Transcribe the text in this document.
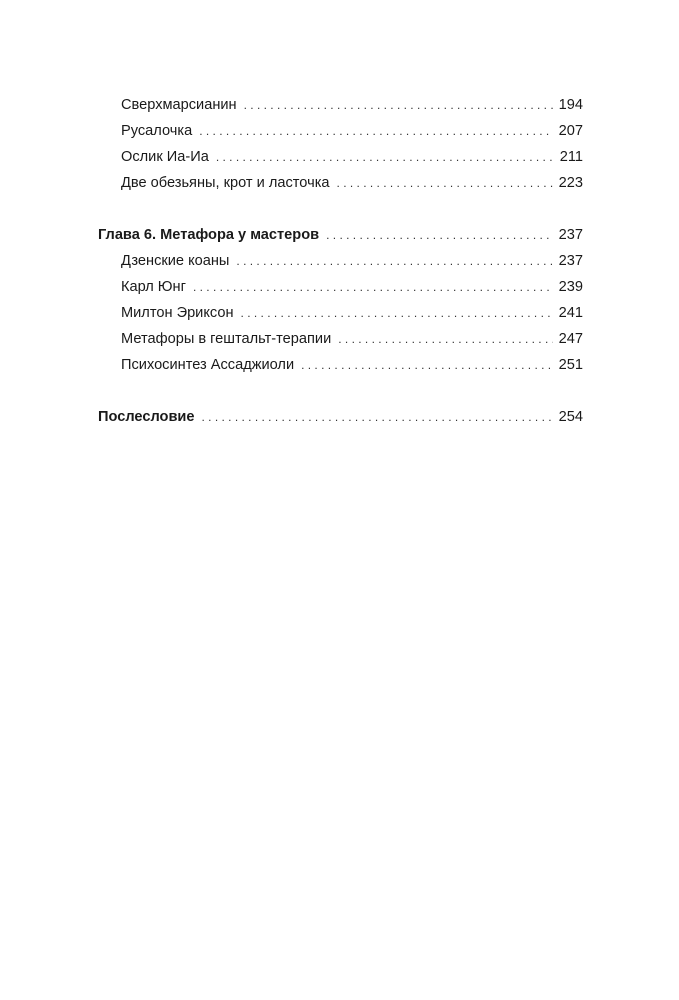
Сверхмарсианин . . .	194
Русалочка . . .	207
Ослик Иа-Иа . . .	211
Две обезьяны, крот и ласточка . . .	223
Глава 6. Метафора у мастеров . . .	237
Дзенские коаны . . .	237
Карл Юнг . . .	239
Милтон Эриксон . . .	241
Метафоры в гештальт-терапии . . .	247
Психосинтез Ассаджиоли . . .	251
Послесловие . . .	254
